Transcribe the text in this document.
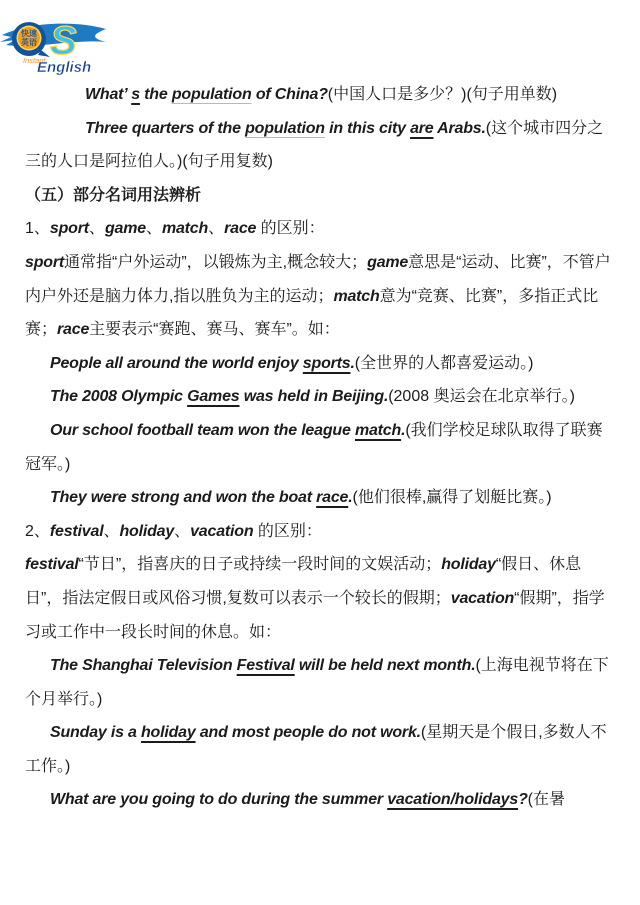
快速
英语 S
Instant
English

What’ s the population of China?(中国人口是多少？)(句子用单数)

Three quarters of the population in this city are Arabs.(这个城市四分之三的人口是阿拉伯人。)(句子用复数)

（五）部分名词用法辨析

1、sport、game、match、race 的区别：

sport通常指“户外运动”，以锻炼为主,概念较大；game意思是“运动、比赛”，不管户内户外还是脑力体力,指以胜负为主的运动；match意为“竞赛、比赛”，多指正式比赛；race主要表示“赛跑、赛马、赛车”。如：

People all around the world enjoy sports.(全世界的人都喜爱运动。)

The 2008 Olympic Games was held in Beijing.(2008 奥运会在北京举行。)

Our school football team won the league match.(我们学校足球队取得了联赛冠军。)

They were strong and won the boat race.(他们很棒,赢得了划艇比赛。)

2、festival、holiday、vacation 的区别：

festival“节日”，指喜庆的日子或持续一段时间的文娱活动；holiday“假日、休息日”，指法定假日或风俗习惯,复数可以表示一个较长的假期；vacation“假期”，指学习或工作中一段长时间的休息。如：

The Shanghai Television Festival will be held next month.(上海电视节将在下个月举行。)

Sunday is a holiday and most people do not work.(星期天是个假日,多数人不工作。)

What are you going to do during the summer vacation/holidays?(在暑
